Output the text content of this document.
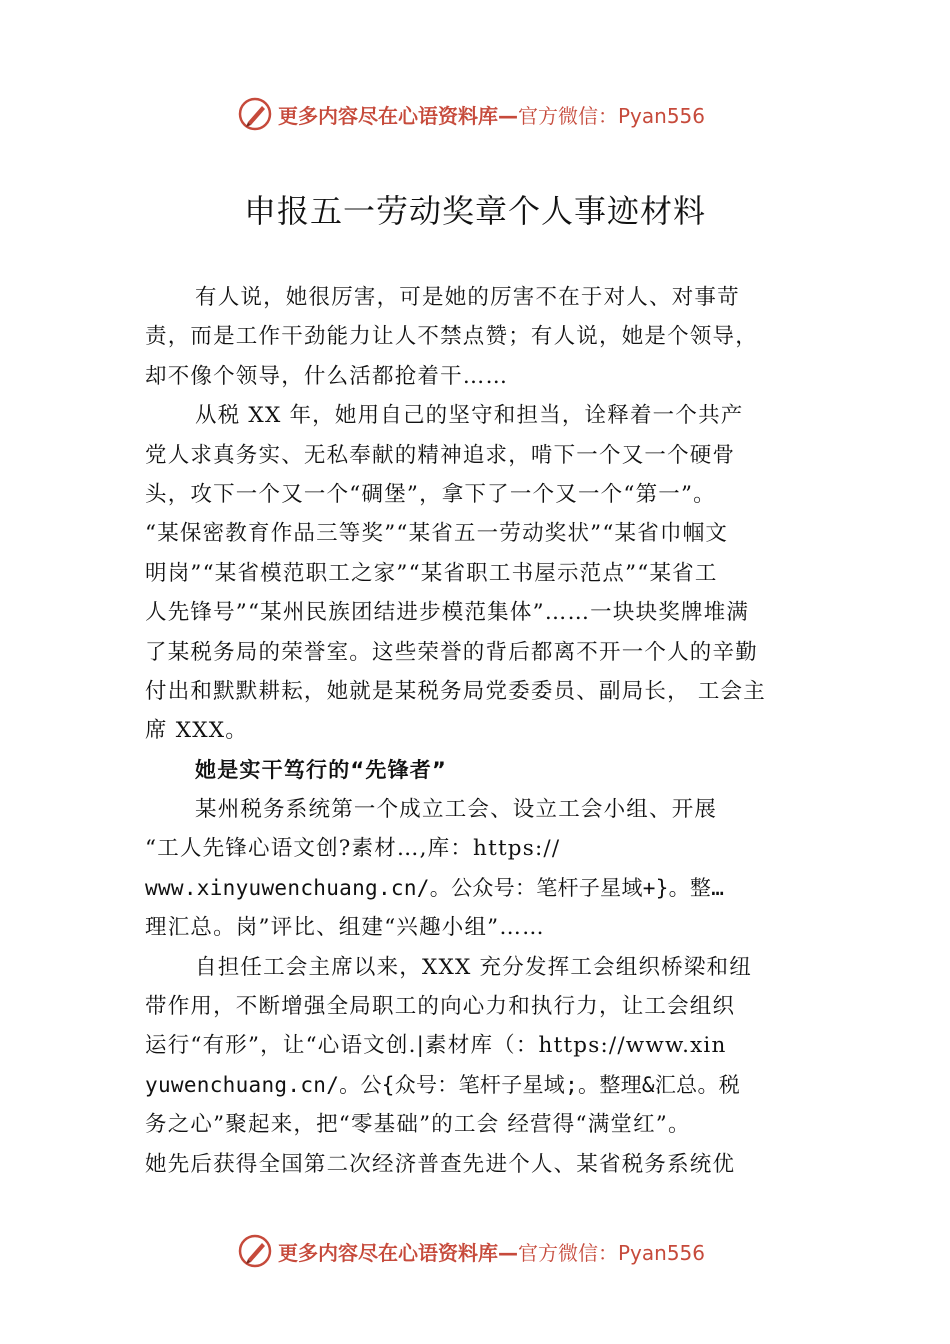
更多内容尽在心语资料库—官方微信：Pyan556
申报五一劳动奖章个人事迹材料
有人说，她很厉害，可是她的厉害不在于对人、对事苛
责，而是工作干劲能力让人不禁点赞；有人说，她是个领导，
却不像个领导，什么活都抢着干……
从税 XX 年，她用自己的坚守和担当，诠释着一个共产
党人求真务实、无私奉献的精神追求，啃下一个又一个硬骨
头，攻下一个又一个“碉堡”，拿下了一个又一个“第一”。
“某保密教育作品三等奖”“某省五一劳动奖状”“某省巾帼文
明岗”“某省模范职工之家”“某省职工书屋示范点”“某省工
人先锋号”“某州民族团结进步模范集体”……一块块奖牌堆满
了某税务局的荣誉室。这些荣誉的背后都离不开一个人的辛勤
付出和默默耕耘，她就是某税务局党委委员、副局长， 工会主
席 XXX。
她是实干笃行的“先锋者”
某州税务系统第一个成立工会、设立工会小组、开展
“工人先锋心语文创?素材…,库：https://
www.xinyuwenchuang.cn/。公众号：笔杆子星域+}。整…
理汇总。岗”评比、组建“兴趣小组”……
自担任工会主席以来，XXX 充分发挥工会组织桥梁和纽
带作用，不断增强全局职工的向心力和执行力，让工会组织
运行“有形”，让“心语文创.|素材库（：https://www.xin
yuwenchuang.cn/。公{众号：笔杆子星域;。整理&汇总。税
务之心”聚起来，把“零基础”的工会 经营得“满堂红”。
她先后获得全国第二次经济普查先进个人、某省税务系统优
更多内容尽在心语资料库—官方微信：Pyan556
